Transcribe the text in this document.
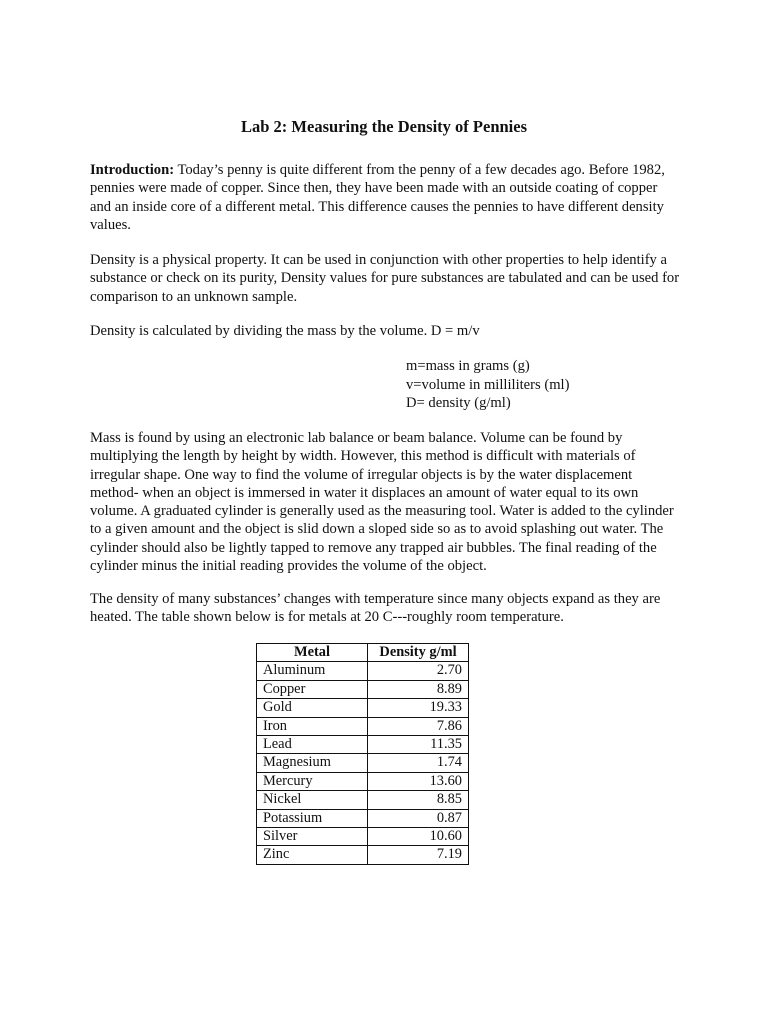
Lab 2: Measuring the Density of Pennies

Introduction: Today’s penny is quite different from the penny of a few decades ago. Before 1982, pennies were made of copper. Since then, they have been made with an outside coating of copper and an inside core of a different metal. This difference causes the pennies to have different density values.

Density is a physical property. It can be used in conjunction with other properties to help identify a substance or check on its purity, Density values for pure substances are tabulated and can be used for comparison to an unknown sample.

Density is calculated by dividing the mass by the volume. D = m/v

m=mass in grams (g)
v=volume in milliliters (ml)
D= density (g/ml)

Mass is found by using an electronic lab balance or beam balance. Volume can be found by multiplying the length by height by width. However, this method is difficult with materials of irregular shape. One way to find the volume of irregular objects is by the water displacement method- when an object is immersed in water it displaces an amount of water equal to its own volume. A graduated cylinder is generally used as the measuring tool. Water is added to the cylinder to a given amount and the object is slid down a sloped side so as to avoid splashing out water. The cylinder should also be lightly tapped to remove any trapped air bubbles. The final reading of the cylinder minus the initial reading provides the volume of the object.

The density of many substances’ changes with temperature since many objects expand as they are heated. The table shown below is for metals at 20 C---roughly room temperature.

Metal	Density g/ml
Aluminum	2.70
Copper	8.89
Gold	19.33
Iron	7.86
Lead	11.35
Magnesium	1.74
Mercury	13.60
Nickel	8.85
Potassium	0.87
Silver	10.60
Zinc	7.19
